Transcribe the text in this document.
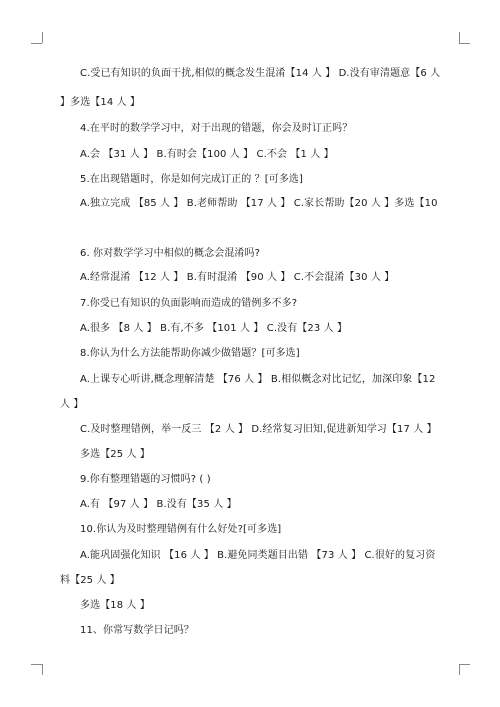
C.受已有知识的负面干扰,相似的概念发生混淆【14 人 】 D.没有审清题意【6 人

】多选【14 人 】

4.在平时的数学学习中，对于出现的错题，你会及时订正吗？

A.会 【31 人 】 B.有时会【100 人 】 C.不会 【1 人 】

5.在出现错题时，你是如何完成订正的 ？[可多选]

A.独立完成 【85 人 】 B.老师帮助 【17 人 】 C.家长帮助【20 人 】多选【10

6. 你对数学学习中相似的概念会混淆吗?

A.经常混淆 【12 人 】 B.有时混淆 【90 人 】 C.不会混淆【30 人 】

7.你受已有知识的负面影响而造成的错例多不多?

A.很多 【8 人 】 B.有,不多 【101 人 】 C.没有【23 人 】

8.你认为什么方法能帮助你减少做错题？[可多选]

A.上课专心听讲,概念理解清楚 【76 人 】 B.相似概念对比记忆，加深印象【12

人 】

C.及时整理错例，举一反三 【2 人 】 D.经常复习旧知,促进新知学习【17 人 】

多选【25 人 】

9.你有整理错题的习惯吗? ( )

A.有 【97 人 】 B.没有【35 人 】

10.你认为及时整理错例有什么好处?[可多选]

A.能巩固强化知识 【16 人 】 B.避免同类题目出错 【73 人 】 C.很好的复习资

料【25 人 】

多选【18 人 】

11、你常写数学日记吗？
